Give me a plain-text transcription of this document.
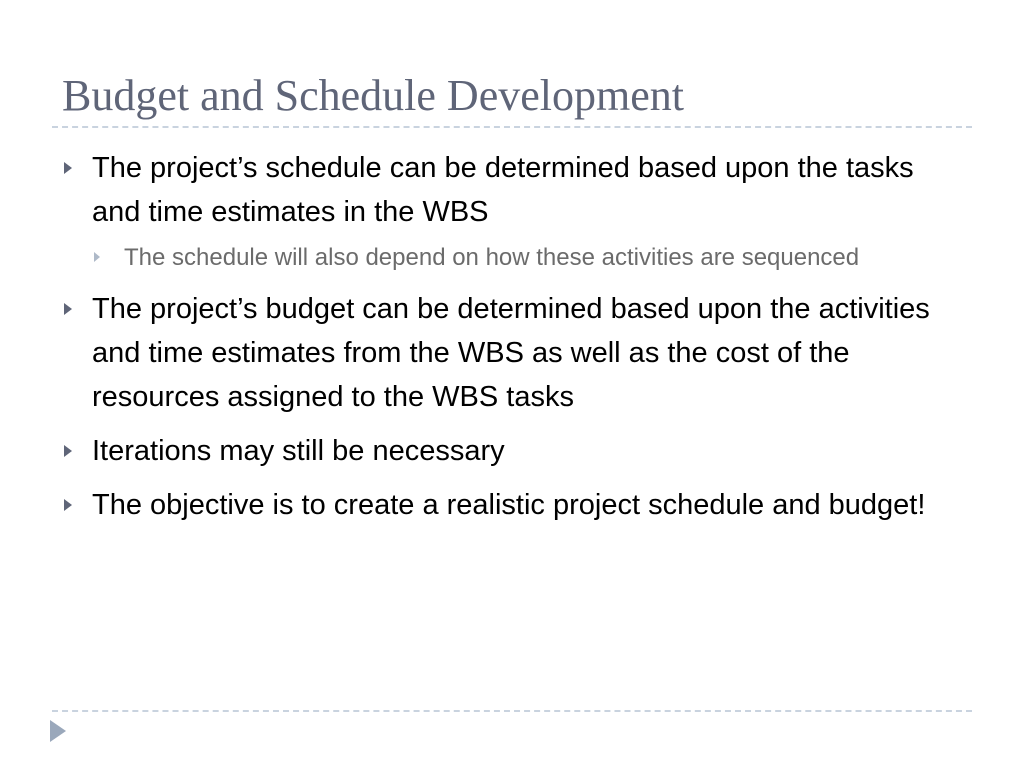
Budget and Schedule Development
The project’s schedule can be determined based upon the tasks and time estimates in the WBS
The schedule will also depend on how these activities are sequenced
The project’s budget can be determined based upon the activities and time estimates from the WBS as well as the cost of the resources assigned to the WBS tasks
Iterations may still be necessary
The objective is to create a realistic project schedule and budget!
